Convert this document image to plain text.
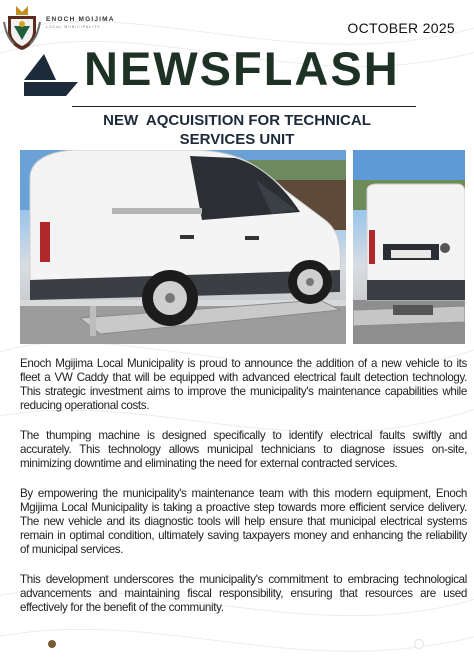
ENOCH MGIJIMA
LOCAL MUNICIPALITY	OCTOBER 2025
NEWSFLASH
NEW  AQCUISITION FOR TECHNICAL
SERVICES UNIT

Enoch Mgijima Local Municipality is proud to announce the addition of a new vehicle to its fleet a VW Caddy that will be equipped with advanced electrical fault detection technology. This strategic investment aims to improve the municipality's maintenance capabilities while reducing operational costs.

The thumping machine is designed specifically to identify electrical faults swiftly and accurately. This technology allows municipal technicians to diagnose issues on-site, minimizing downtime and eliminating the need for external contracted services.

By empowering the municipality's maintenance team with this modern equipment, Enoch Mgijima Local Municipality is taking a proactive step towards more efficient service delivery. The new vehicle and its diagnostic tools will help ensure that municipal electrical systems remain in optimal condition, ultimately saving taxpayers money and enhancing the reliability of municipal services.

This development underscores the municipality's commitment to embracing technological advancements and maintaining fiscal responsibility, ensuring that resources are used effectively for the benefit of the community.
